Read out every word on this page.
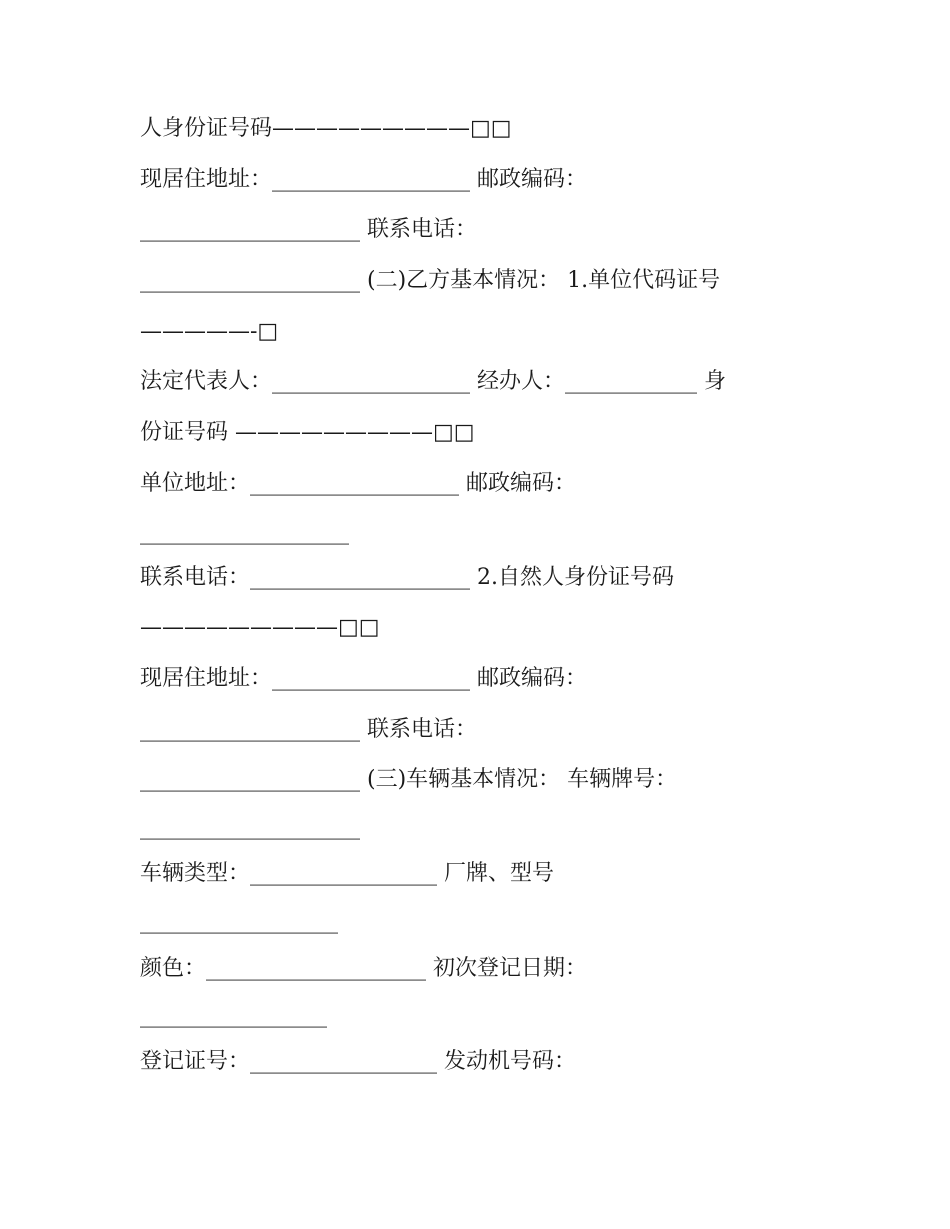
人身份证号码—————————□□
现居住地址：__________________ 邮政编码：
____________________ 联系电话：
____________________ (二)乙方基本情况： 1.单位代码证号
—————-□
法定代表人：__________________ 经办人：____________ 身
份证号码 —————————□□
单位地址：___________________ 邮政编码：
___________________
联系电话：____________________ 2.自然人身份证号码
—————————□□
现居住地址：__________________ 邮政编码：
____________________ 联系电话：
____________________ (三)车辆基本情况： 车辆牌号：
____________________
车辆类型：_________________ 厂牌、型号
__________________
颜色：____________________ 初次登记日期：
_________________
登记证号：_________________ 发动机号码：
